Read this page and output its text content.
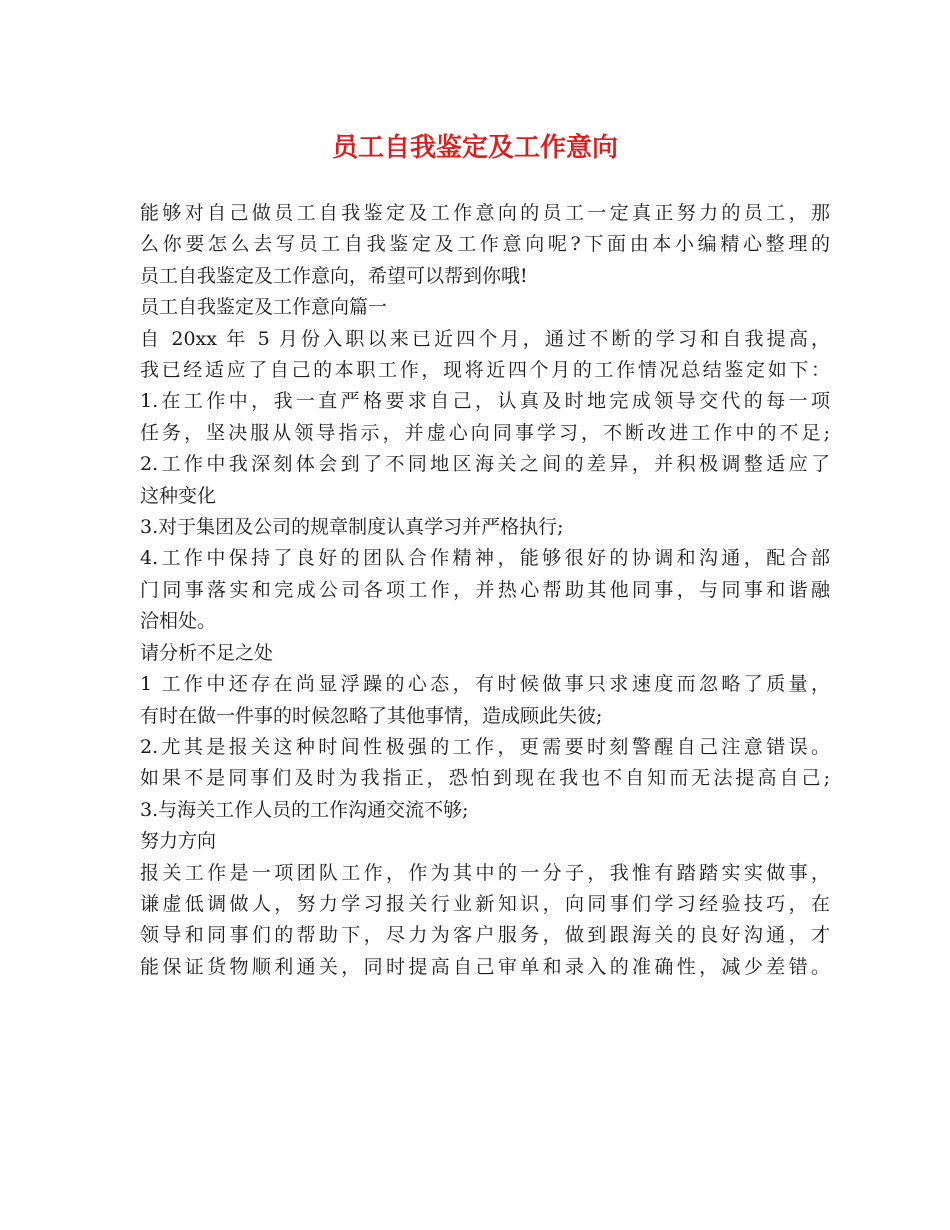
员工自我鉴定及工作意向
能够对自己做员工自我鉴定及工作意向的员工一定真正努力的员工，那
么你要怎么去写员工自我鉴定及工作意向呢?下面由本小编精心整理的
员工自我鉴定及工作意向，希望可以帮到你哦!
员工自我鉴定及工作意向篇一
自 20xx 年 5 月份入职以来已近四个月，通过不断的学习和自我提高，
我已经适应了自己的本职工作，现将近四个月的工作情况总结鉴定如下：
1.在工作中，我一直严格要求自己，认真及时地完成领导交代的每一项
任务，坚决服从领导指示，并虚心向同事学习，不断改进工作中的不足;
2.工作中我深刻体会到了不同地区海关之间的差异，并积极调整适应了
这种变化
3.对于集团及公司的规章制度认真学习并严格执行;
4.工作中保持了良好的团队合作精神，能够很好的协调和沟通，配合部
门同事落实和完成公司各项工作，并热心帮助其他同事，与同事和谐融
洽相处。
请分析不足之处
1 工作中还存在尚显浮躁的心态，有时候做事只求速度而忽略了质量，
有时在做一件事的时候忽略了其他事情，造成顾此失彼;
2.尤其是报关这种时间性极强的工作，更需要时刻警醒自己注意错误。
如果不是同事们及时为我指正，恐怕到现在我也不自知而无法提高自己;
3.与海关工作人员的工作沟通交流不够;
努力方向
报关工作是一项团队工作，作为其中的一分子，我惟有踏踏实实做事，
谦虚低调做人，努力学习报关行业新知识，向同事们学习经验技巧，在
领导和同事们的帮助下，尽力为客户服务，做到跟海关的良好沟通，才
能保证货物顺利通关，同时提高自己审单和录入的准确性，减少差错。
